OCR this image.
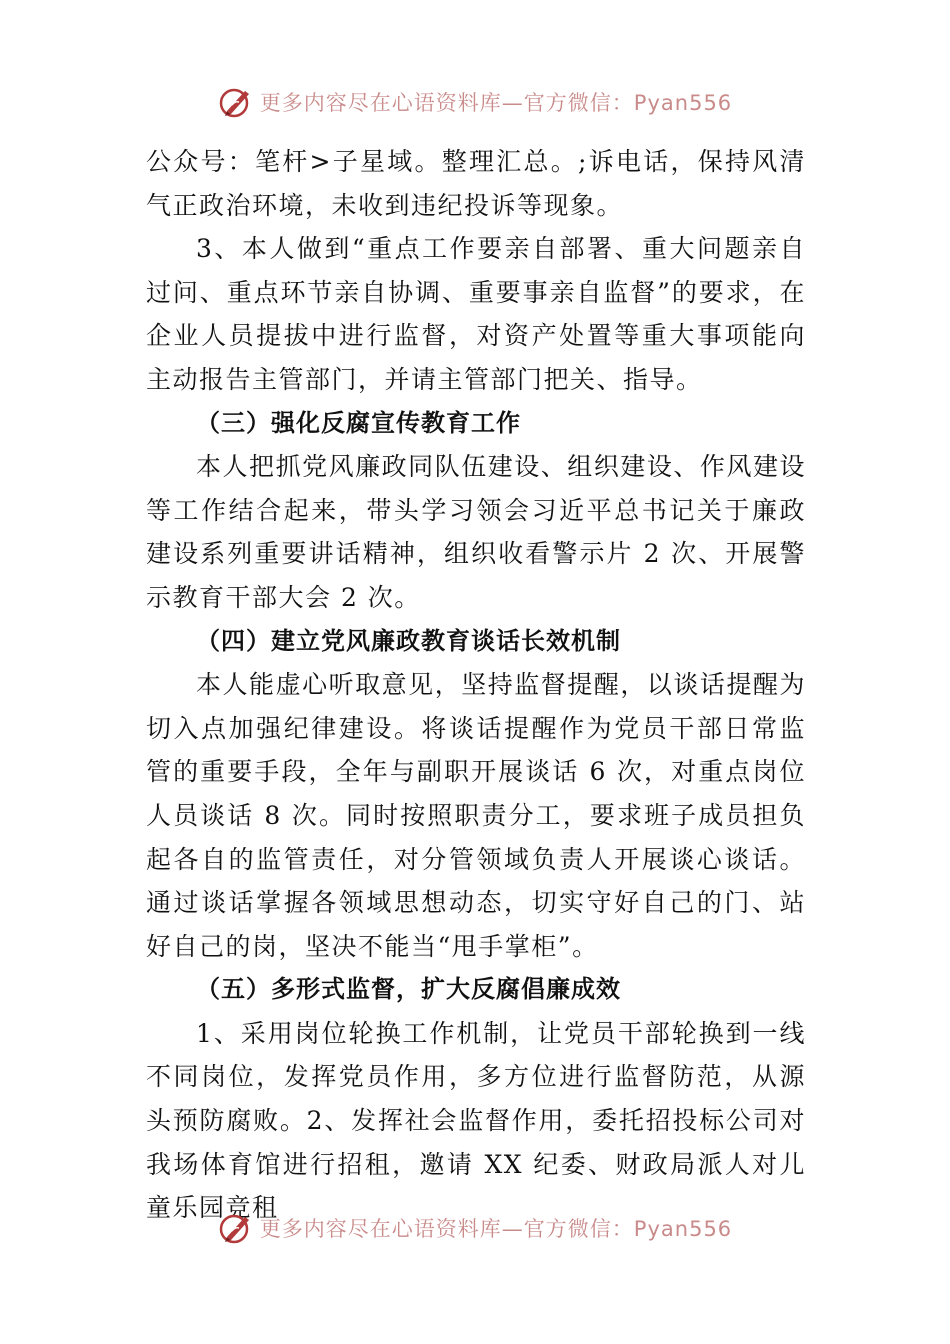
更多内容尽在心语资料库—官方微信：Pyan556

公众号：笔杆>子星域。整理汇总。;诉电话，保持风清气正政治环境，未收到违纪投诉等现象。

3、本人做到“重点工作要亲自部署、重大问题亲自过问、重点环节亲自协调、重要事亲自监督”的要求，在企业人员提拔中进行监督，对资产处置等重大事项能向主动报告主管部门，并请主管部门把关、指导。

（三）强化反腐宣传教育工作

本人把抓党风廉政同队伍建设、组织建设、作风建设等工作结合起来，带头学习领会习近平总书记关于廉政建设系列重要讲话精神，组织收看警示片 2 次、开展警示教育干部大会 2 次。

（四）建立党风廉政教育谈话长效机制

本人能虚心听取意见，坚持监督提醒，以谈话提醒为切入点加强纪律建设。将谈话提醒作为党员干部日常监管的重要手段，全年与副职开展谈话 6 次，对重点岗位人员谈话 8 次。同时按照职责分工，要求班子成员担负起各自的监管责任，对分管领域负责人开展谈心谈话。通过谈话掌握各领域思想动态，切实守好自己的门、站好自己的岗，坚决不能当“甩手掌柜”。

（五）多形式监督，扩大反腐倡廉成效

1、采用岗位轮换工作机制，让党员干部轮换到一线不同岗位，发挥党员作用，多方位进行监督防范，从源头预防腐败。2、发挥社会监督作用，委托招投标公司对我场体育馆进行招租，邀请 XX 纪委、财政局派人对儿童乐园竞租

更多内容尽在心语资料库—官方微信：Pyan556
